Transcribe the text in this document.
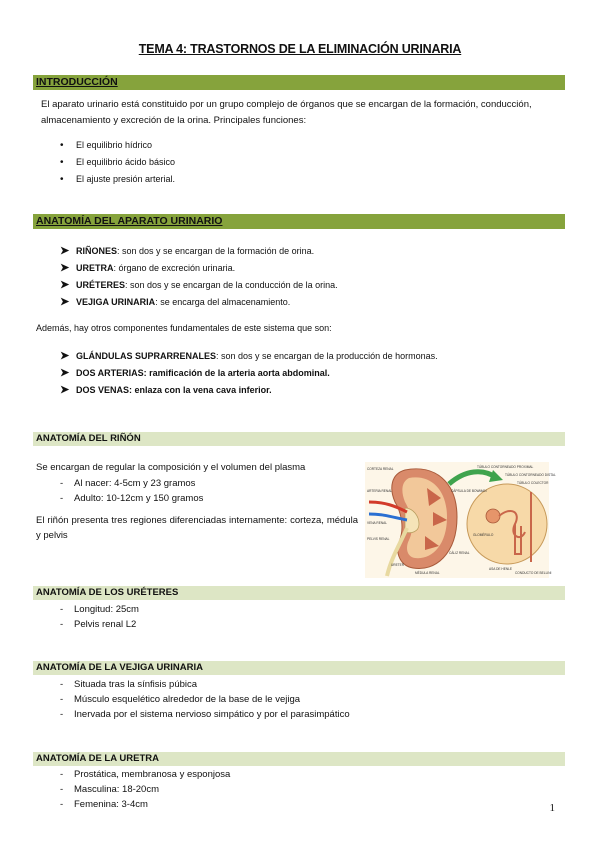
TEMA 4: TRASTORNOS DE LA ELIMINACIÓN URINARIA
INTRODUCCIÓN
El aparato urinario está constituido por un grupo complejo de órganos que se encargan de la formación, conducción, almacenamiento y excreción de la orina. Principales funciones:
• El equilibrio hídrico
• El equilibrio ácido básico
• El ajuste presión arterial.
ANATOMÍA DEL APARATO URINARIO
➤ RIÑONES: son dos y se encargan de la formación de orina.
➤ URETRA: órgano de excreción urinaria.
➤ URÉTERES: son dos y se encargan de la conducción de la orina.
➤ VEJIGA URINARIA: se encarga del almacenamiento.
Además, hay otros componentes fundamentales de este sistema que son:
➤ GLÁNDULAS SUPRARRENALES: son dos y se encargan de la producción de hormonas.
➤ DOS ARTERIAS: ramificación de la arteria aorta abdominal.
➤ DOS VENAS: enlaza con la vena cava inferior.
ANATOMÍA DEL RIÑÓN
Se encargan de regular la composición y el volumen del plasma
- Al nacer: 4-5cm y 23 gramos
- Adulto: 10-12cm y 150 gramos
El riñón presenta tres regiones diferenciadas internamente: corteza, médula y pelvis
CORTEZA RENAL
ARTERIA RENAL
VENA RENAL
PELVIS RENAL
URETER
MÉDULA RENAL
CÁLIZ RENAL
CÁPSULA DE BOWMAN
GLOMÉRULO
ASA DE HENLE
TÚBULO CONTORNEADO PROXIMAL
TÚBULO CONTORNEADO DISTAL
TÚBULO COLECTOR
CONDUCTO DE BELLINI
ANATOMÍA DE LOS URÉTERES
- Longitud: 25cm
- Pelvis renal L2
ANATOMÍA DE LA VEJIGA URINARIA
- Situada tras la sínfisis púbica
- Músculo esquelético alrededor de la base de le vejiga
- Inervada por el sistema nervioso simpático y por el parasimpático
ANATOMÍA DE LA URETRA
- Prostática, membranosa y esponjosa
- Masculina: 18-20cm
- Femenina: 3-4cm	1
